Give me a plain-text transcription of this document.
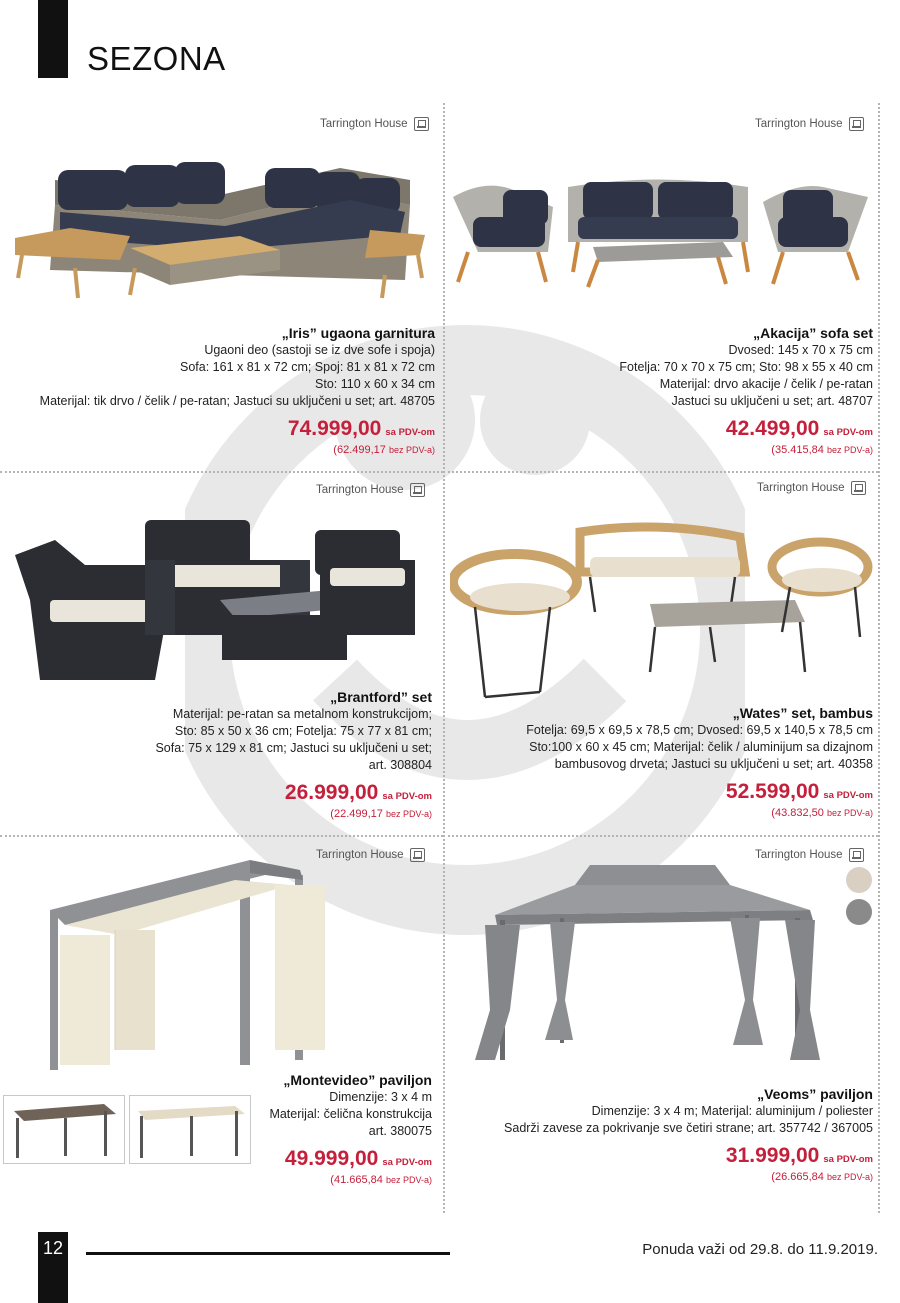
SEZONA
Tarrington House
„Iris” ugaona garnitura
Ugaoni deo (sastoji se iz dve sofe i spoja)
Sofa: 161 x 81 x 72 cm; Spoj: 81 x 81 x 72 cm
Sto: 110 x 60 x 34 cm
Materijal: tik drvo / čelik / pe-ratan; Jastuci su uključeni u set; art. 48705
74.999,00 sa PDV-om
(62.499,17 bez PDV-a)
Tarrington House
„Akacija” sofa set
Dvosed: 145 x 70 x 75 cm
Fotelja: 70 x 70 x 75 cm; Sto: 98 x 55 x 40 cm
Materijal: drvo akacije / čelik / pe-ratan
Jastuci su uključeni u set; art. 48707
42.499,00 sa PDV-om
(35.415,84 bez PDV-a)
Tarrington House
„Brantford” set
Materijal: pe-ratan sa metalnom konstrukcijom;
Sto: 85 x 50 x 36 cm; Fotelja: 75 x 77 x 81 cm;
Sofa: 75 x 129 x 81 cm; Jastuci su uključeni u set;
art. 308804
26.999,00 sa PDV-om
(22.499,17 bez PDV-a)
Tarrington House
„Wates” set, bambus
Fotelja: 69,5 x 69,5 x 78,5 cm; Dvosed: 69,5 x 140,5 x 78,5 cm
Sto:100 x 60 x 45 cm; Materijal: čelik / aluminijum sa dizajnom
bambusovog drveta; Jastuci su uključeni u set; art. 40358
52.599,00 sa PDV-om
(43.832,50 bez PDV-a)
Tarrington House
„Montevideo” paviljon
Dimenzije: 3 x 4 m
Materijal: čelična konstrukcija
art. 380075
49.999,00 sa PDV-om
(41.665,84 bez PDV-a)
Tarrington House
„Veoms” paviljon
Dimenzije: 3 x 4 m; Materijal: aluminijum / poliester
Sadrži zavese za pokrivanje sve četiri strane; art. 357742 / 367005
31.999,00 sa PDV-om
(26.665,84 bez PDV-a)
12	Ponuda važi od 29.8. do 11.9.2019.
